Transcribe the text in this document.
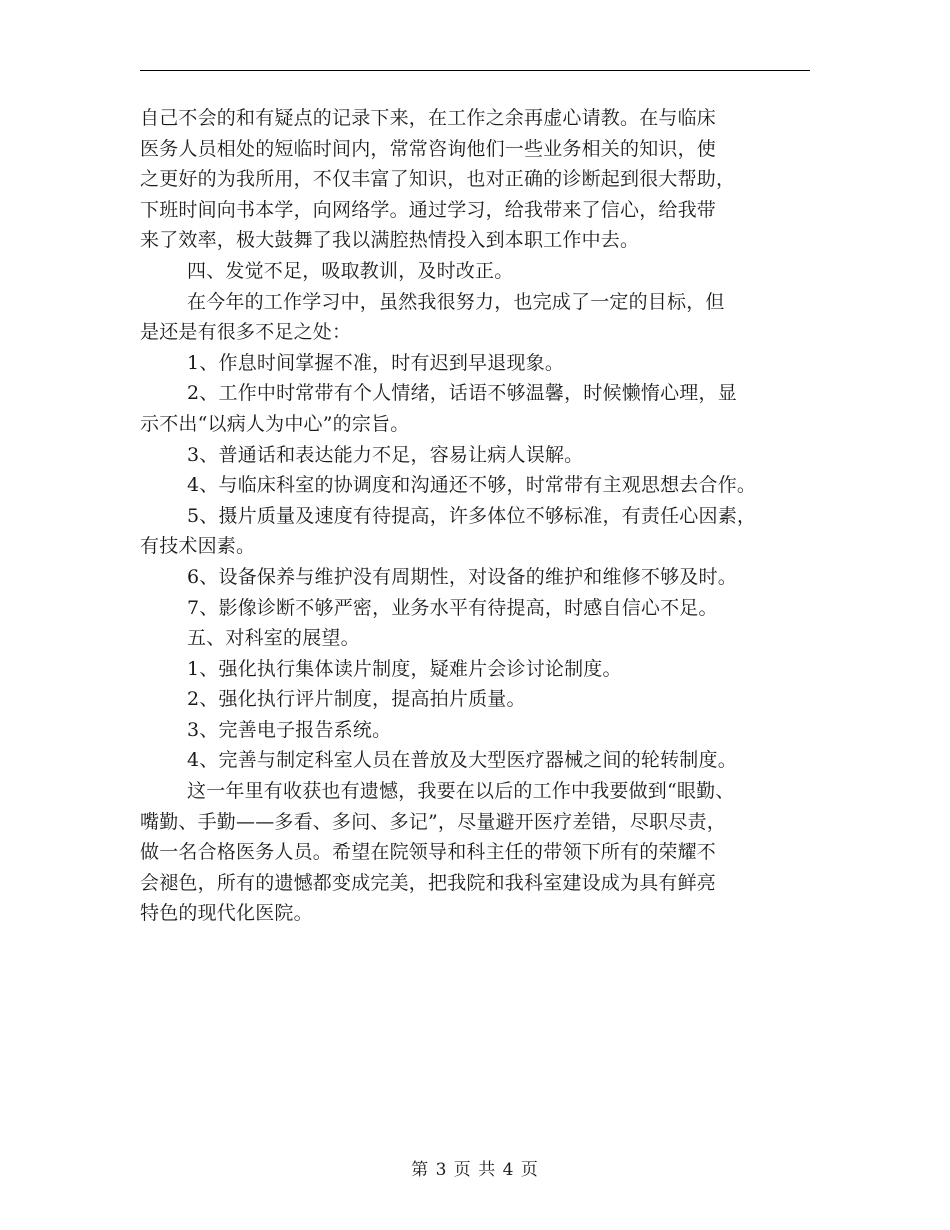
自己不会的和有疑点的记录下来，在工作之余再虚心请教。在与临床
医务人员相处的短临时间内，常常咨询他们一些业务相关的知识，使
之更好的为我所用，不仅丰富了知识，也对正确的诊断起到很大帮助，
下班时间向书本学，向网络学。通过学习，给我带来了信心，给我带
来了效率，极大鼓舞了我以满腔热情投入到本职工作中去。
四、发觉不足，吸取教训，及时改正。
在今年的工作学习中，虽然我很努力，也完成了一定的目标，但
是还是有很多不足之处：
1、作息时间掌握不准，时有迟到早退现象。
2、工作中时常带有个人情绪，话语不够温馨，时候懒惰心理，显
示不出“以病人为中心”的宗旨。
3、普通话和表达能力不足，容易让病人误解。
4、与临床科室的协调度和沟通还不够，时常带有主观思想去合作。
5、摄片质量及速度有待提高，许多体位不够标准，有责任心因素，
有技术因素。
6、设备保养与维护没有周期性，对设备的维护和维修不够及时。
7、影像诊断不够严密，业务水平有待提高，时感自信心不足。
五、对科室的展望。
1、强化执行集体读片制度，疑难片会诊讨论制度。
2、强化执行评片制度，提高拍片质量。
3、完善电子报告系统。
4、完善与制定科室人员在普放及大型医疗器械之间的轮转制度。
这一年里有收获也有遗憾，我要在以后的工作中我要做到“眼勤、
嘴勤、手勤——多看、多问、多记”，尽量避开医疗差错，尽职尽责，
做一名合格医务人员。希望在院领导和科主任的带领下所有的荣耀不
会褪色，所有的遗憾都变成完美，把我院和我科室建设成为具有鲜亮
特色的现代化医院。
第 3 页 共 4 页
